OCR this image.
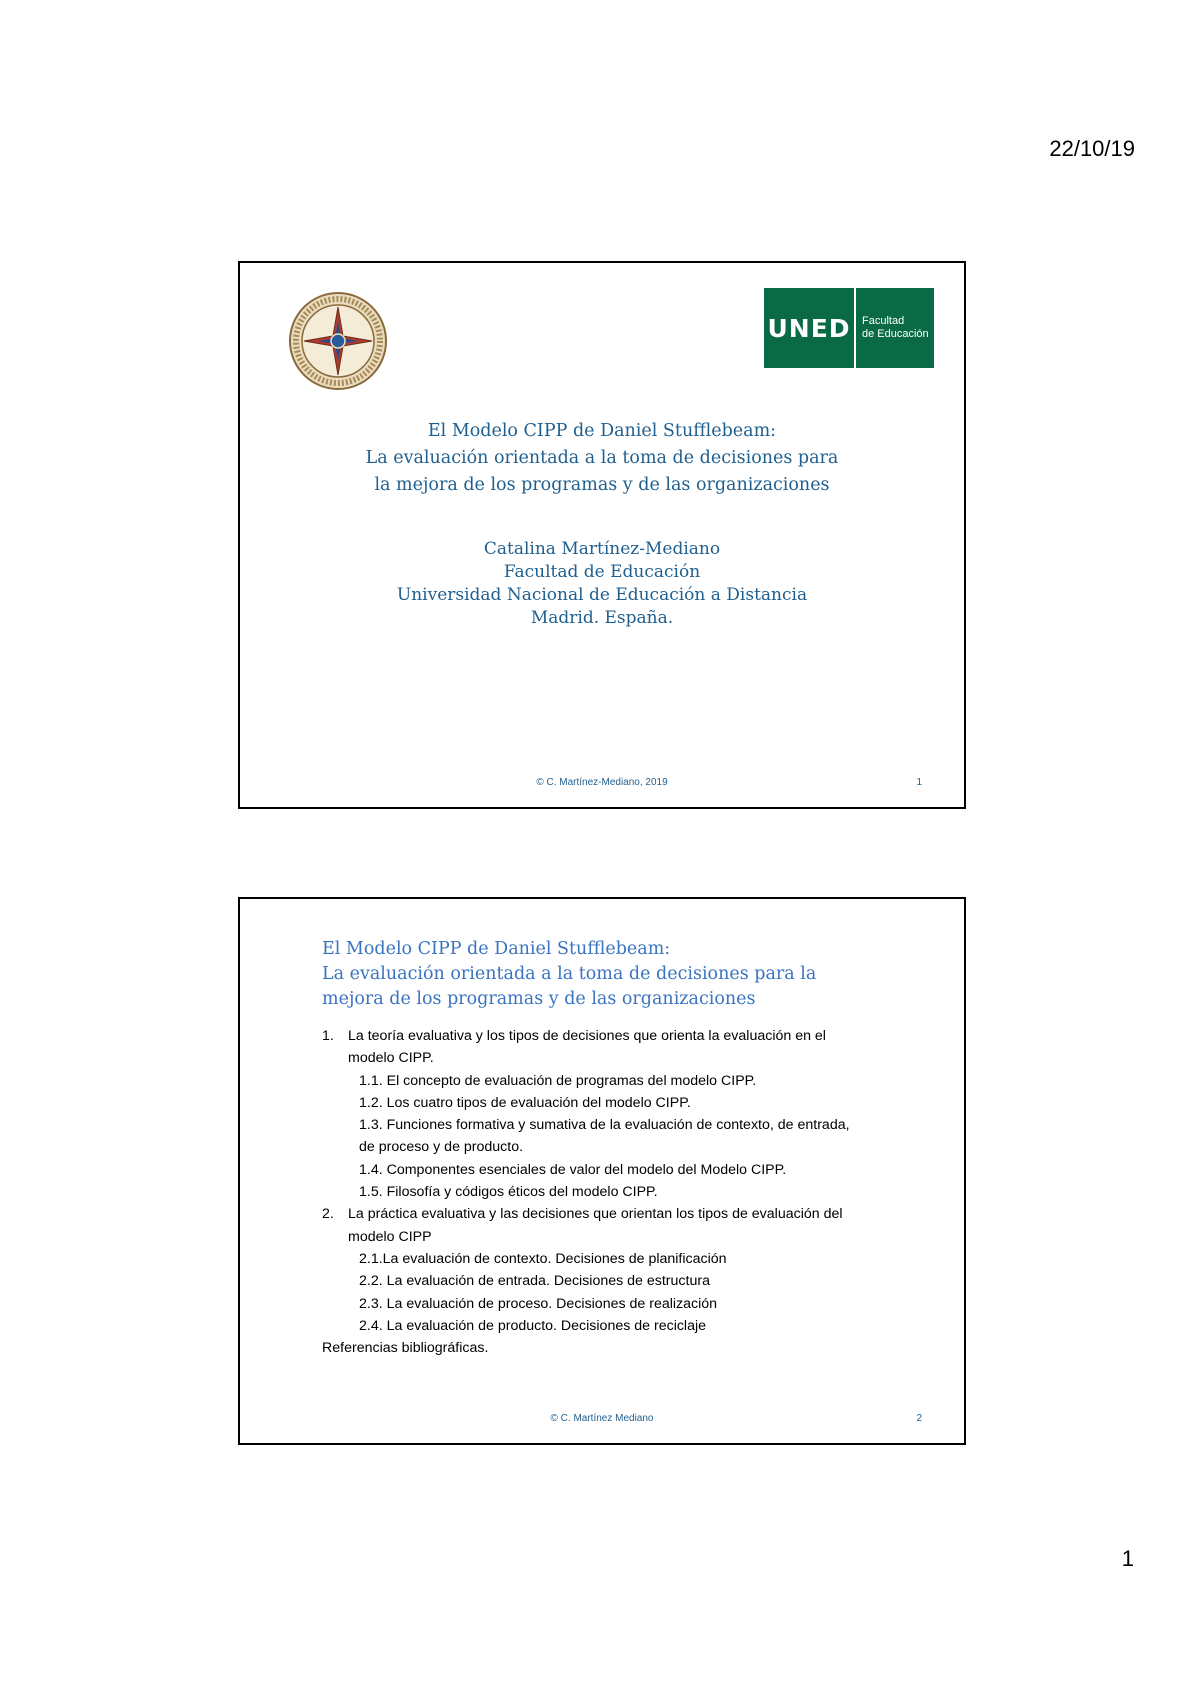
22/10/19
UNED	Facultad
de Educación
El Modelo CIPP de Daniel Stufflebeam:
La evaluación orientada a la toma de decisiones para
la mejora de los programas y de las organizaciones
Catalina Martínez-Mediano
Facultad de Educación
Universidad Nacional de Educación a Distancia
Madrid. España.
© C. Martínez-Mediano, 2019	1
El Modelo CIPP de Daniel Stufflebeam:
La evaluación orientada a la toma de decisiones para la
mejora de los programas y de las organizaciones
1. La teoría evaluativa y los tipos de decisiones que orienta la evaluación en el
modelo CIPP.
1.1. El concepto de evaluación de programas del modelo CIPP.
1.2. Los cuatro tipos de evaluación del modelo CIPP.
1.3. Funciones formativa y sumativa de la evaluación de contexto, de entrada,
de proceso y de producto.
1.4. Componentes esenciales de valor del modelo del Modelo CIPP.
1.5. Filosofía y códigos éticos del modelo CIPP.
2. La práctica evaluativa y las decisiones que orientan los tipos de evaluación del
modelo CIPP
2.1.La evaluación de contexto. Decisiones de planificación
2.2. La evaluación de entrada. Decisiones de estructura
2.3. La evaluación de proceso. Decisiones de realización
2.4. La evaluación de producto. Decisiones de reciclaje
Referencias bibliográficas.
© C. Martínez Mediano	2
1
